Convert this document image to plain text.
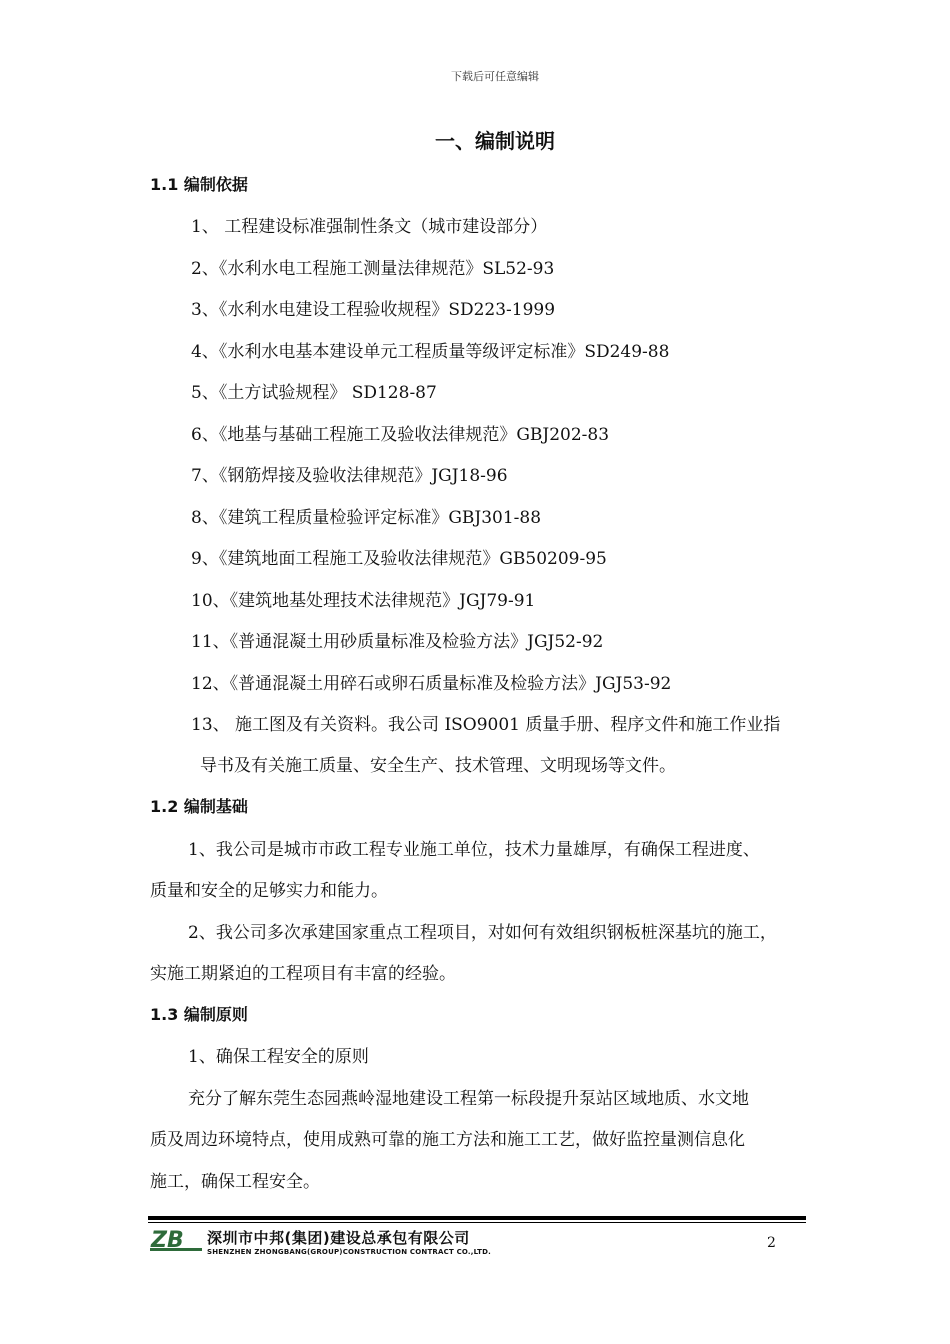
下载后可任意编辑
一、编制说明
1.1 编制依据
1、 工程建设标准强制性条文（城市建设部分）
2、《水利水电工程施工测量法律规范》SL52-93
3、《水利水电建设工程验收规程》SD223-1999
4、《水利水电基本建设单元工程质量等级评定标准》SD249-88
5、《土方试验规程》 SD128-87
6、《地基与基础工程施工及验收法律规范》GBJ202-83
7、《钢筋焊接及验收法律规范》JGJ18-96
8、《建筑工程质量检验评定标准》GBJ301-88
9、《建筑地面工程施工及验收法律规范》GB50209-95
10、《建筑地基处理技术法律规范》JGJ79-91
11、《普通混凝土用砂质量标准及检验方法》JGJ52-92
12、《普通混凝土用碎石或卵石质量标准及检验方法》JGJ53-92
13、 施工图及有关资料。我公司 ISO9001 质量手册、程序文件和施工作业指
导书及有关施工质量、安全生产、技术管理、文明现场等文件。
1.2 编制基础
1、我公司是城市市政工程专业施工单位，技术力量雄厚，有确保工程进度、
质量和安全的足够实力和能力。
2、我公司多次承建国家重点工程项目，对如何有效组织钢板桩深基坑的施工，
实施工期紧迫的工程项目有丰富的经验。
1.3 编制原则
1、确保工程安全的原则
充分了解东莞生态园燕岭湿地建设工程第一标段提升泵站区域地质、水文地
质及周边环境特点，使用成熟可靠的施工方法和施工工艺，做好监控量测信息化
施工，确保工程安全。
ZB 深圳市中邦(集团)建设总承包有限公司
SHENZHEN ZHONGBANG(GROUP)CONSTRUCTION CONTRACT CO.,LTD.
2
